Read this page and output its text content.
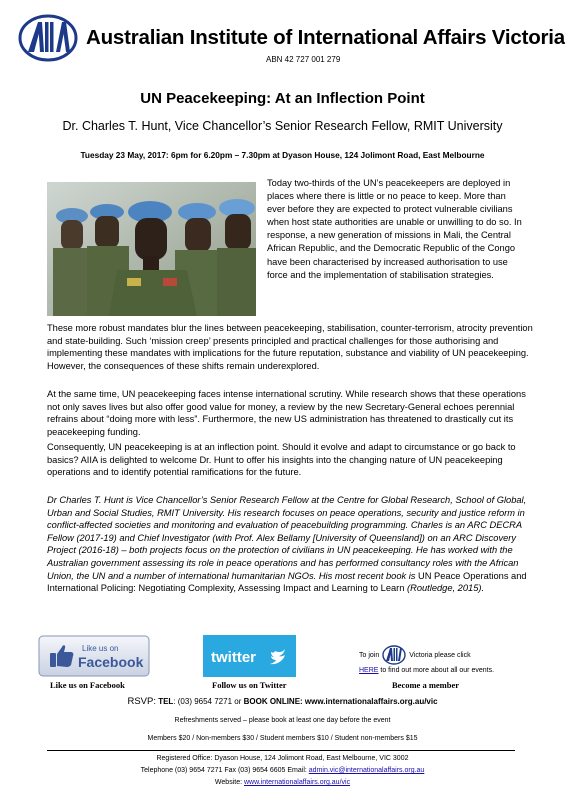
Australian Institute of International Affairs Victoria
ABN 42 727 001 279
UN Peacekeeping: At an Inflection Point
Dr. Charles T. Hunt, Vice Chancellor’s Senior Research Fellow, RMIT University
Tuesday 23 May, 2017: 6pm for 6.20pm – 7.30pm at Dyason House, 124 Jolimont Road, East Melbourne
Today two-thirds of the UN’s peacekeepers are deployed in places where there is little or no peace to keep. More than ever before they are expected to protect vulnerable civilians when host state authorities are unable or unwilling to do so. In response, a new generation of missions in Mali, the Central African Republic, and the Democratic Republic of the Congo have been characterised by increased authorisation to use force and the implementation of stabilisation strategies.
These more robust mandates blur the lines between peacekeeping, stabilisation, counter-terrorism, atrocity prevention and state-building. Such ‘mission creep’ presents principled and practical challenges for those authorising and implementing these mandates with implications for the future reputation, substance and viability of UN peacekeeping. However, the consequences of these shifts remain underexplored.
At the same time, UN peacekeeping faces intense international scrutiny. While research shows that these operations not only saves lives but also offer good value for money, a review by the new Secretary-General echoes perennial refrains about “doing more with less”. Furthermore, the new US administration has threatened to drastically cut its peacekeeping funding.
Consequently, UN peacekeeping is at an inflection point. Should it evolve and adapt to circumstance or go back to basics? AIIA is delighted to welcome Dr. Hunt to offer his insights into the changing nature of UN peacekeeping operations and to identify potential ramifications for the future.
Dr Charles T. Hunt is Vice Chancellor’s Senior Research Fellow at the Centre for Global Research, School of Global, Urban and Social Studies, RMIT University. His research focuses on peace operations, security and justice reform in conflict-affected societies and monitoring and evaluation of peacebuilding programming. Charles is an ARC DECRA Fellow (2017-19) and Chief Investigator (with Prof. Alex Bellamy [University of Queensland]) on an ARC Discovery Project (2016-18) – both projects focus on the protection of civilians in UN peacekeeping. He has worked with the Australian government assessing its role in peace operations and has performed consultancy roles with the African Union, the UN and a number of international humanitarian NGOs. His most recent book is UN Peace Operations and International Policing: Negotiating Complexity, Assessing Impact and Learning to Learn (Routledge, 2015).
Like us on
Facebook	twitter	To join	Victoria please click
HERE to find out more about all our events.
Like us on Facebook	Follow us on Twitter	Become a member
RSVP: TEL: (03) 9654 7271 or BOOK ONLINE: www.internationalaffairs.org.au/vic
Refreshments served – please book at least one day before the event
Members $20 / Non-members $30 / Student members $10 / Student non-members $15
Registered Office: Dyason House, 124 Jolimont Road, East Melbourne, VIC 3002
Telephone (03) 9654 7271 Fax (03) 9654 6605 Email: admin.vic@internationalaffairs.org.au
Website: www.internationalaffairs.org.au/vic
